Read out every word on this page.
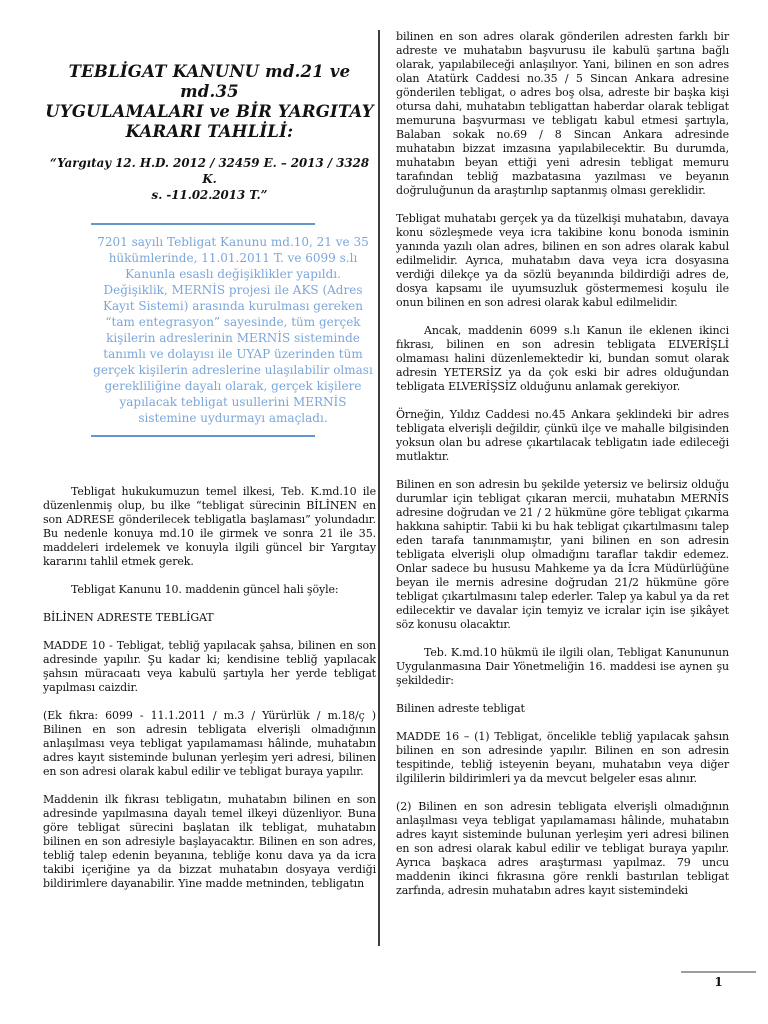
TEBLİGAT KANUNU md.21 ve md.35
UYGULAMALARI ve BİR YARGITAY
KARARI TAHLİLİ:
“Yargıtay 12. H.D. 2012 / 32459 E. – 2013 / 3328 K.
s. -11.02.2013 T.”
7201 sayılı Tebligat Kanunu md.10, 21 ve 35 hükümlerinde, 11.01.2011 T. ve 6099 s.lı Kanunla esaslı değişiklikler yapıldı. Değişiklik, MERNİS projesi ile AKS (Adres Kayıt Sistemi) arasında kurulması gereken “tam entegrasyon” sayesinde, tüm gerçek kişilerin adreslerinin MERNİS sisteminde tanımlı ve dolayısı ile UYAP üzerinden tüm gerçek kişilerin adreslerine ulaşılabilir olması gerekliliğine dayalı olarak, gerçek kişilere yapılacak tebligat usullerini MERNİS sistemine uydurmayı amaçladı.

Tebligat hukukumuzun temel ilkesi, Teb. K.md.10 ile düzenlenmiş olup, bu ilke “tebligat sürecinin BİLİNEN en son ADRESE gönderilecek tebligatla başlaması” yolundadır. Bu nedenle konuya md.10 ile girmek ve sonra 21 ile 35. maddeleri irdelemek ve konuyla ilgili güncel bir Yargıtay kararını tahlil etmek gerek.

Tebligat Kanunu 10. maddenin güncel hali şöyle:

BİLİNEN ADRESTE TEBLİGAT

MADDE 10 - Tebligat, tebliğ yapılacak şahsa, bilinen en son adresinde yapılır. Şu kadar ki; kendisine tebliğ yapılacak şahsın müracaatı veya kabulü şartıyla her yerde tebligat yapılması caizdir.

(Ek fıkra: 6099 - 11.1.2011 / m.3 / Yürürlük / m.18/ç ) Bilinen en son adresin tebligata elverişli olmadığının anlaşılması veya tebligat yapılamaması hâlinde, muhatabın adres kayıt sisteminde bulunan yerleşim yeri adresi, bilinen en son adresi olarak kabul edilir ve tebligat buraya yapılır.

Maddenin ilk fıkrası tebligatın, muhatabın bilinen en son adresinde yapılmasına dayalı temel ilkeyi düzenliyor. Buna göre tebligat sürecini başlatan ilk tebligat, muhatabın bilinen en son adresiyle başlayacaktır. Bilinen en son adres, tebliğ talep edenin beyanına, tebliğe konu dava ya da icra takibi içeriğine ya da bizzat muhatabın dosyaya verdiği bildirimlere dayanabilir. Yine madde metninden, tebligatın

bilinen en son adres olarak gönderilen adresten farklı bir adreste ve muhatabın başvurusu ile kabulü şartına bağlı olarak, yapılabileceği anlaşılıyor. Yani, bilinen en son adres olan Atatürk Caddesi no.35 / 5 Sincan Ankara adresine gönderilen tebligat, o adres boş olsa, adreste bir başka kişi otursa dahi, muhatabın tebligattan haberdar olarak tebligat memuruna başvurması ve tebligatı kabul etmesi şartıyla, Balaban sokak no.69 / 8 Sincan Ankara adresinde muhatabın bizzat imzasına yapılabilecektir. Bu durumda, muhatabın beyan ettiği yeni adresin tebligat memuru tarafından tebliğ mazbatasına yazılması ve beyanın doğruluğunun da araştırılıp saptanmış olması gereklidir.

Tebligat muhatabı gerçek ya da tüzelkişi muhatabın, davaya konu sözleşmede veya icra takibine konu bonoda isminin yanında yazılı olan adres, bilinen en son adres olarak kabul edilmelidir. Ayrıca, muhatabın dava veya icra dosyasına verdiği dilekçe ya da sözlü beyanında bildirdiği adres de, dosya kapsamı ile uyumsuzluk göstermemesi koşulu ile onun bilinen en son adresi olarak kabul edilmelidir.

Ancak, maddenin 6099 s.lı Kanun ile eklenen ikinci fıkrası, bilinen en son adresin tebligata ELVERİŞLİ olmaması halini düzenlemektedir ki, bundan somut olarak adresin YETERSİZ ya da çok eski bir adres olduğundan tebligata ELVERİŞSİZ olduğunu anlamak gerekiyor.

Örneğin, Yıldız Caddesi no.45 Ankara şeklindeki bir adres tebligata elverişli değildir, çünkü ilçe ve mahalle bilgisinden yoksun olan bu adrese çıkartılacak tebligatın iade edileceği mutlaktır.

Bilinen en son adresin bu şekilde yetersiz ve belirsiz olduğu durumlar için tebligat çıkaran mercii, muhatabın MERNİS adresine doğrudan ve 21 / 2 hükmüne göre tebligat çıkarma hakkına sahiptir. Tabii ki bu hak tebligat çıkartılmasını talep eden tarafa tanınmamıştır, yani bilinen en son adresin tebligata elverişli olup olmadığını taraflar takdir edemez. Onlar sadece bu hususu Mahkeme ya da İcra Müdürlüğüne beyan ile mernis adresine doğrudan 21/2 hükmüne göre tebligat çıkartılmasını talep ederler. Talep ya kabul ya da ret edilecektir ve davalar için temyiz ve icralar için ise şikâyet söz konusu olacaktır.

Teb. K.md.10 hükmü ile ilgili olan, Tebligat Kanununun Uygulanmasına Dair Yönetmeliğin 16. maddesi ise aynen şu şekildedir:

Bilinen adreste tebligat

MADDE 16 – (1) Tebligat, öncelikle tebliğ yapılacak şahsın bilinen en son adresinde yapılır. Bilinen en son adresin tespitinde, tebliğ isteyenin beyanı, muhatabın veya diğer ilgililerin bildirimleri ya da mevcut belgeler esas alınır.

(2) Bilinen en son adresin tebligata elverişli olmadığının anlaşılması veya tebligat yapılamaması hâlinde, muhatabın adres kayıt sisteminde bulunan yerleşim yeri adresi bilinen en son adresi olarak kabul edilir ve tebligat buraya yapılır. Ayrıca başkaca adres araştırması yapılmaz. 79 uncu maddenin ikinci fıkrasına göre renkli bastırılan tebligat zarfında, adresin muhatabın adres kayıt sistemindeki

1
